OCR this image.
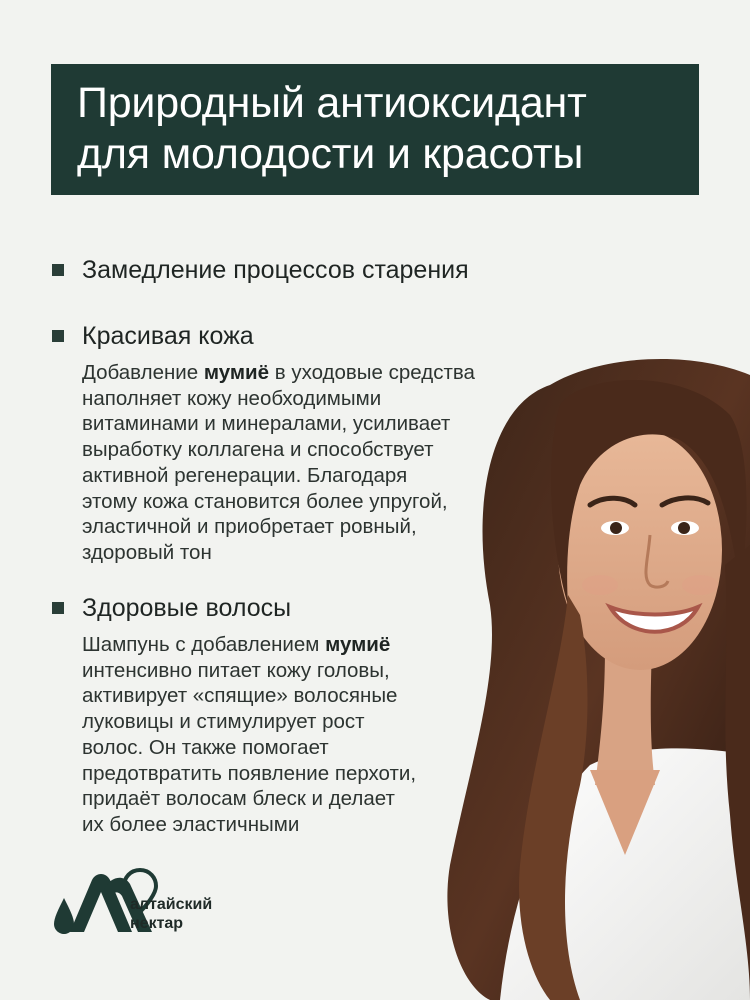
Природный антиоксидант
для молодости и красоты
Замедление процессов старения
Красивая кожа
Добавление мумиё в уходовые средства
наполняет кожу необходимыми
витаминами и минералами, усиливает
выработку коллагена и способствует
активной регенерации. Благодаря
этому кожа становится более упругой,
эластичной и приобретает ровный,
здоровый тон
Здоровые волосы
Шампунь с добавлением мумиё
интенсивно питает кожу головы,
активирует «спящие» волосяные
луковицы и стимулирует рост
волос. Он также помогает
предотвратить появление перхоти,
придаёт волосам блеск и делает
их более эластичными
алтайский
нектар
